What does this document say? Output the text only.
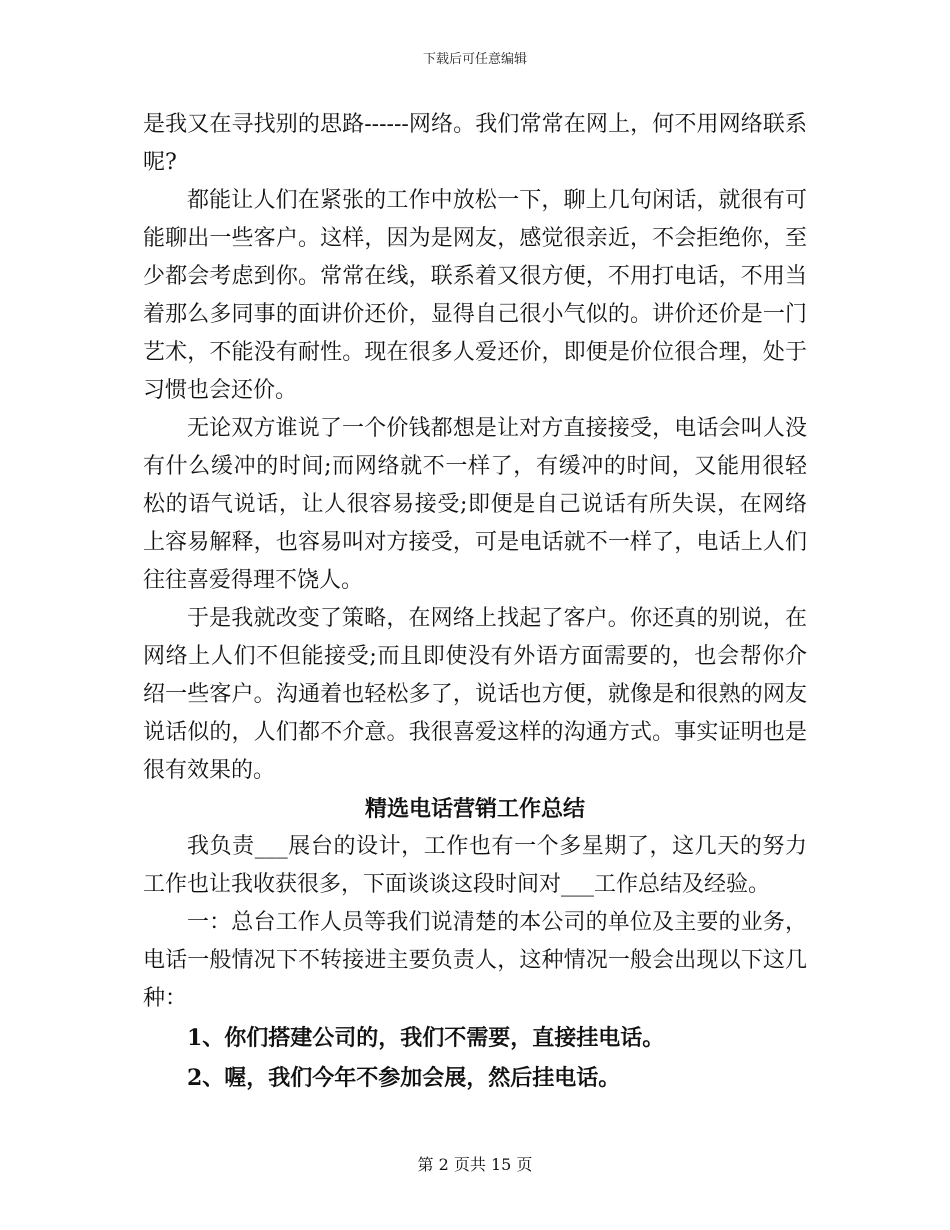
下载后可任意编辑

是我又在寻找别的思路------网络。我们常常在网上，何不用网络联系呢?

都能让人们在紧张的工作中放松一下，聊上几句闲话，就很有可能聊出一些客户。这样，因为是网友，感觉很亲近，不会拒绝你，至少都会考虑到你。常常在线，联系着又很方便，不用打电话，不用当着那么多同事的面讲价还价，显得自己很小气似的。讲价还价是一门艺术，不能没有耐性。现在很多人爱还价，即便是价位很合理，处于习惯也会还价。

无论双方谁说了一个价钱都想是让对方直接接受，电话会叫人没有什么缓冲的时间;而网络就不一样了，有缓冲的时间，又能用很轻松的语气说话，让人很容易接受;即便是自己说话有所失误，在网络上容易解释，也容易叫对方接受，可是电话就不一样了，电话上人们往往喜爱得理不饶人。

于是我就改变了策略，在网络上找起了客户。你还真的别说，在网络上人们不但能接受;而且即使没有外语方面需要的，也会帮你介绍一些客户。沟通着也轻松多了，说话也方便，就像是和很熟的网友说话似的，人们都不介意。我很喜爱这样的沟通方式。事实证明也是很有效果的。

精选电话营销工作总结

我负责___展台的设计，工作也有一个多星期了，这几天的努力工作也让我收获很多，下面谈谈这段时间对___工作总结及经验。

一：总台工作人员等我们说清楚的本公司的单位及主要的业务，电话一般情况下不转接进主要负责人，这种情况一般会出现以下这几种：

1、你们搭建公司的，我们不需要，直接挂电话。

2、喔，我们今年不参加会展，然后挂电话。

第 2 页共 15 页
